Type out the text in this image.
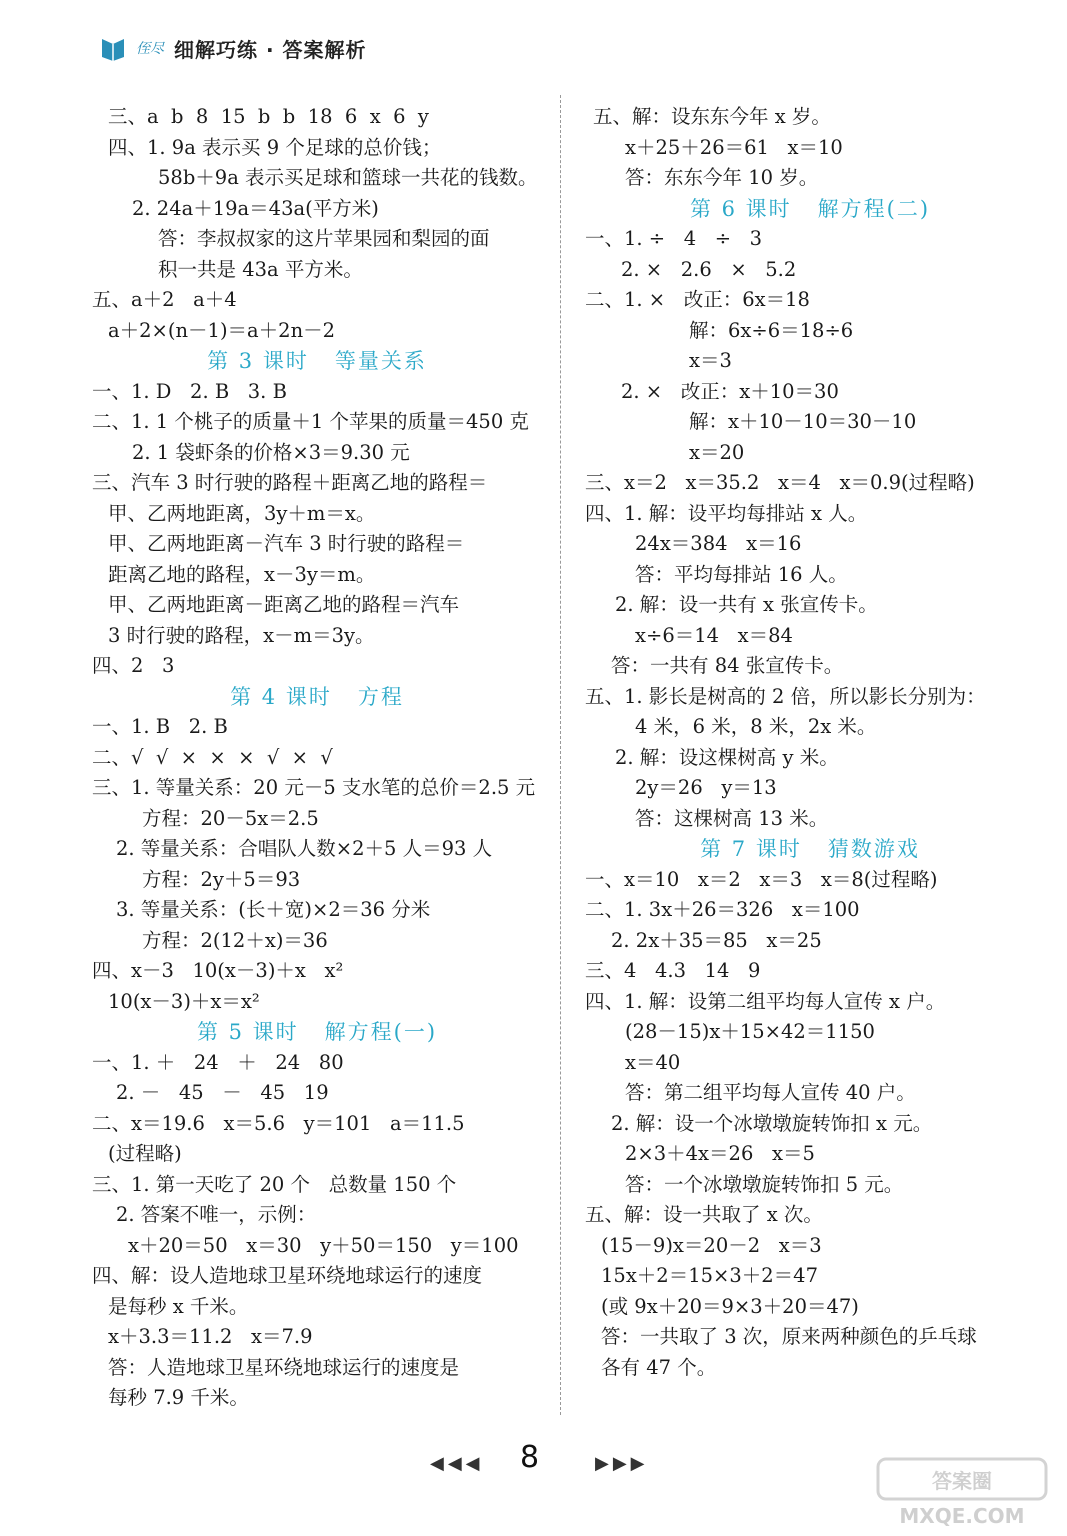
侄尽 细解巧练 · 答案解析
三、a  b  8  15  b  b  18  6  x  6  y
四、1. 9a 表示买 9 个足球的总价钱；
58b＋9a 表示买足球和篮球一共花的钱数。
2. 24a＋19a＝43a(平方米)
答：李叔叔家的这片苹果园和梨园的面
积一共是 43a 平方米。
五、a＋2   a＋4
a＋2×(n－1)＝a＋2n－2
第 3 课时   等量关系
一、1. D   2. B   3. B
二、1. 1 个桃子的质量＋1 个苹果的质量＝450 克
2. 1 袋虾条的价格×3＝9.30 元
三、汽车 3 时行驶的路程＋距离乙地的路程＝
甲、乙两地距离，3y＋m＝x。
甲、乙两地距离－汽车 3 时行驶的路程＝
距离乙地的路程，x－3y＝m。
甲、乙两地距离－距离乙地的路程＝汽车
3 时行驶的路程，x－m＝3y。
四、2   3
第 4 课时   方程
一、1. B   2. B
二、√  √  ×  ×  ×  √  ×  √
三、1. 等量关系：20 元－5 支水笔的总价＝2.5 元
方程：20－5x＝2.5
2. 等量关系：合唱队人数×2＋5 人＝93 人
方程：2y＋5＝93
3. 等量关系：(长＋宽)×2＝36 分米
方程：2(12＋x)＝36
四、x－3   10(x－3)＋x   x²
10(x－3)＋x＝x²
第 5 课时   解方程(一)
一、1. ＋   24   ＋   24   80
2. －   45   －   45   19
二、x＝19.6   x＝5.6   y＝101   a＝11.5
(过程略)
三、1. 第一天吃了 20 个   总数量 150 个
2. 答案不唯一，示例：
x＋20＝50   x＝30   y＋50＝150   y＝100
四、解：设人造地球卫星环绕地球运行的速度
是每秒 x 千米。
x＋3.3＝11.2   x＝7.9
答：人造地球卫星环绕地球运行的速度是
每秒 7.9 千米。
五、解：设东东今年 x 岁。
x＋25＋26＝61   x＝10
答：东东今年 10 岁。
第 6 课时   解方程(二)
一、1. ÷   4   ÷   3
2. ×   2.6   ×   5.2
二、1. ×   改正：6x＝18
解：6x÷6＝18÷6
x＝3
2. ×   改正：x＋10＝30
解：x＋10－10＝30－10
x＝20
三、x＝2   x＝35.2   x＝4   x＝0.9(过程略)
四、1. 解：设平均每排站 x 人。
24x＝384   x＝16
答：平均每排站 16 人。
2. 解：设一共有 x 张宣传卡。
x÷6＝14   x＝84
答：一共有 84 张宣传卡。
五、1. 影长是树高的 2 倍，所以影长分别为：
4 米，6 米，8 米，2x 米。
2. 解：设这棵树高 y 米。
2y＝26   y＝13
答：这棵树高 13 米。
第 7 课时   猜数游戏
一、x＝10   x＝2   x＝3   x＝8(过程略)
二、1. 3x＋26＝326   x＝100
2. 2x＋35＝85   x＝25
三、4   4.3   14   9
四、1. 解：设第二组平均每人宣传 x 户。
(28－15)x＋15×42＝1150
x＝40
答：第二组平均每人宣传 40 户。
2. 解：设一个冰墩墩旋转饰扣 x 元。
2×3＋4x＝26   x＝5
答：一个冰墩墩旋转饰扣 5 元。
五、解：设一共取了 x 次。
(15－9)x＝20－2   x＝3
15x＋2＝15×3＋2＝47
(或 9x＋20＝9×3＋20＝47)
答：一共取了 3 次，原来两种颜色的乒乓球
各有 47 个。
◀◀◀ 8	▶▶▶
答案圈
MXQE.COM
